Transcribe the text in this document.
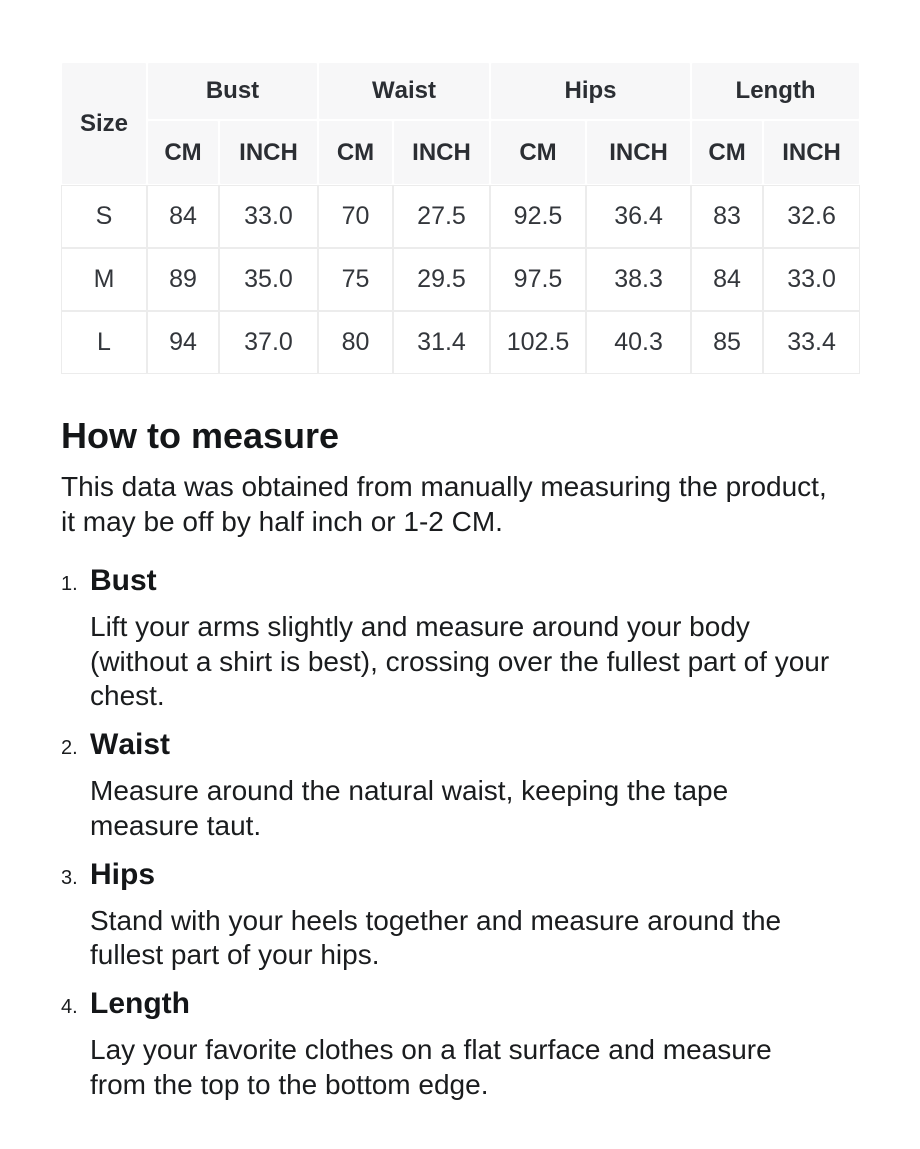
Size	Bust		Waist		Hips		Length	
	CM	INCH	CM	INCH	CM	INCH	CM	INCH
S	84	33.0	70	27.5	92.5	36.4	83	32.6
M	89	35.0	75	29.5	97.5	38.3	84	33.0
L	94	37.0	80	31.4	102.5	40.3	85	33.4
How to measure

This data was obtained from manually measuring the product, it may be off by half inch or 1-2 CM.

1. Bust

Lift your arms slightly and measure around your body (without a shirt is best), crossing over the fullest part of your chest.

2. Waist

Measure around the natural waist, keeping the tape measure taut.

3. Hips

Stand with your heels together and measure around the fullest part of your hips.

4. Length

Lay your favorite clothes on a flat surface and measure from the top to the bottom edge.
